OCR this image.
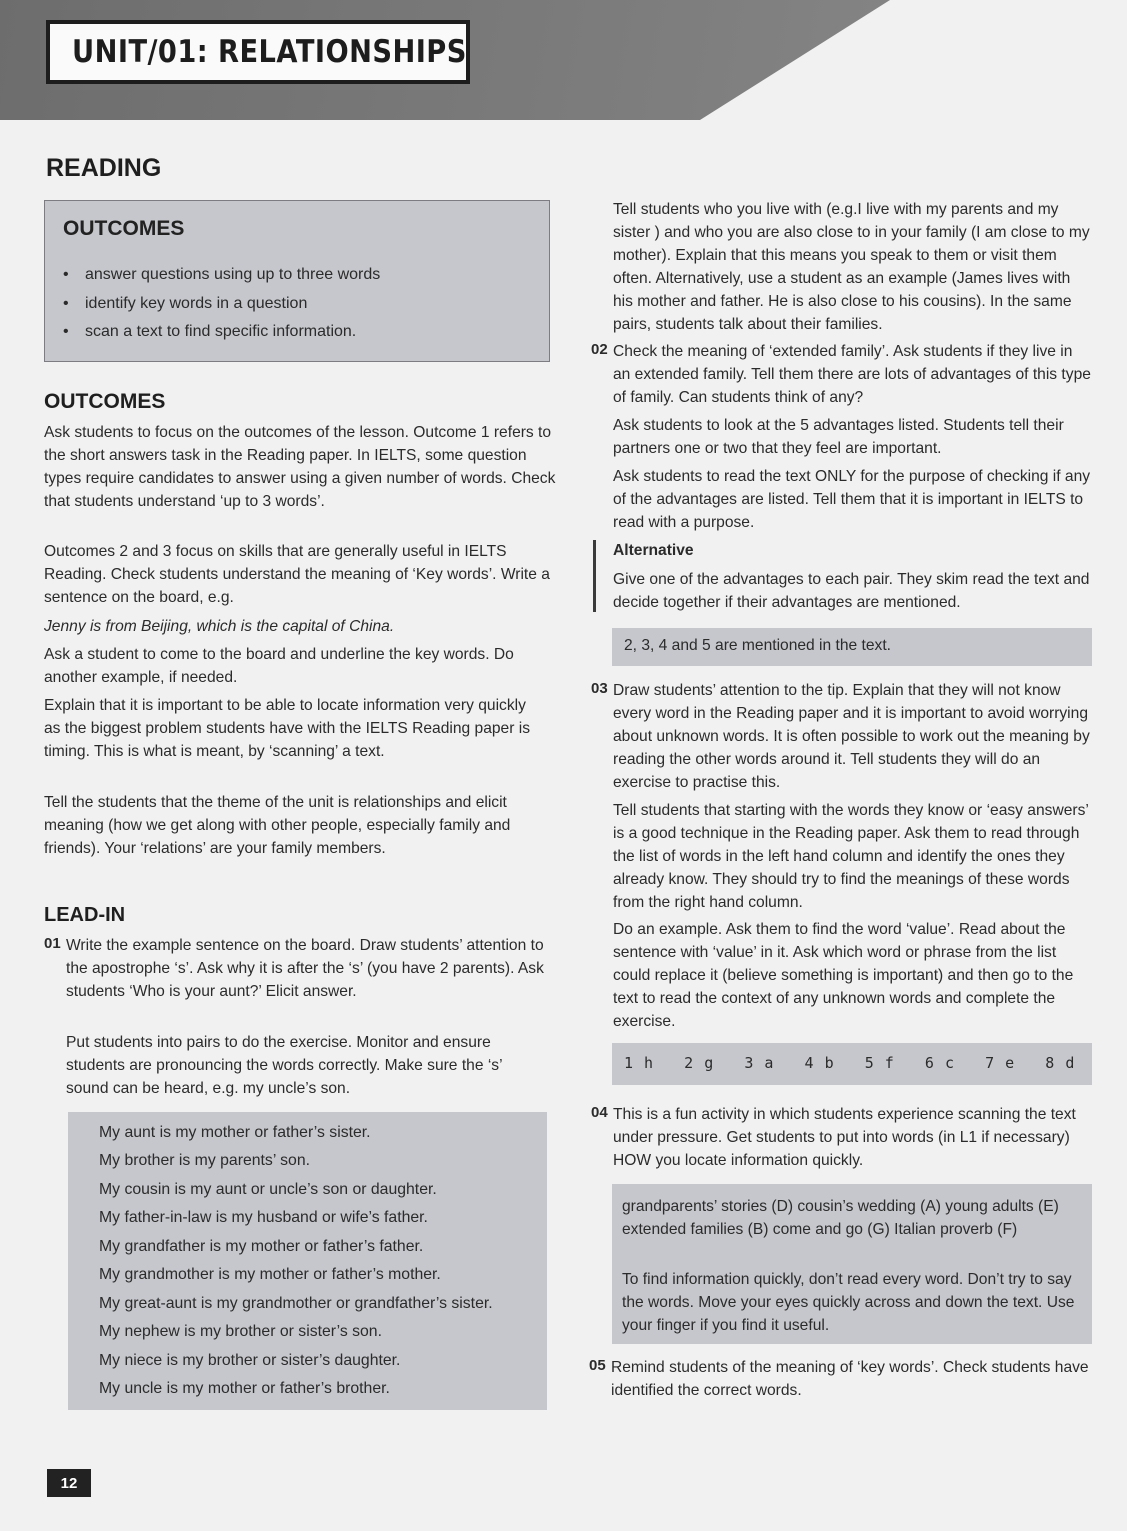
UNIT/01: RELATIONSHIPS
READING
OUTCOMES
• answer questions using up to three words
• identify key words in a question
• scan a text to find specific information.
OUTCOMES

Ask students to focus on the outcomes of the lesson. Outcome 1 refers to the short answers task in the Reading paper. In IELTS, some question types require candidates to answer using a given number of words. Check that students understand ‘up to 3 words’.

Outcomes 2 and 3 focus on skills that are generally useful in IELTS Reading. Check students understand the meaning of ‘Key words’. Write a sentence on the board, e.g.

Jenny is from Beijing, which is the capital of China.

Ask a student to come to the board and underline the key words. Do another example, if needed.

Explain that it is important to be able to locate information very quickly as the biggest problem students have with the IELTS Reading paper is timing. This is what is meant, by ‘scanning’ a text.

Tell the students that the theme of the unit is relationships and elicit meaning (how we get along with other people, especially family and friends). Your ‘relations’ are your family members.

LEAD-IN
01 Write the example sentence on the board. Draw students’ attention to the apostrophe ‘s’. Ask why it is after the ‘s’ (you have 2 parents). Ask students ‘Who is your aunt?’ Elicit answer.

Put students into pairs to do the exercise. Monitor and ensure students are pronouncing the words correctly. Make sure the ‘s’ sound can be heard, e.g. my uncle’s son.

My aunt is my mother or father’s sister.
My brother is my parents’ son.
My cousin is my aunt or uncle’s son or daughter.
My father-in-law is my husband or wife’s father.
My grandfather is my mother or father’s father.
My grandmother is my mother or father’s mother.
My great-aunt is my grandmother or grandfather’s sister.
My nephew is my brother or sister’s son.
My niece is my brother or sister’s daughter.
My uncle is my mother or father’s brother.

Tell students who you live with (e.g.I live with my parents and my sister ) and who you are also close to in your family (I am close to my mother). Explain that this means you speak to them or visit them often. Alternatively, use a student as an example (James lives with his mother and father. He is also close to his cousins). In the same pairs, students talk about their families.

02 Check the meaning of ‘extended family’. Ask students if they live in an extended family. Tell them there are lots of advantages of this type of family. Can students think of any?

Ask students to look at the 5 advantages listed. Students tell their partners one or two that they feel are important.

Ask students to read the text ONLY for the purpose of checking if any of the advantages are listed. Tell them that it is important in IELTS to read with a purpose.

Alternative

Give one of the advantages to each pair. They skim read the text and decide together if their advantages are mentioned.

2, 3, 4 and 5 are mentioned in the text.
03 Draw students’ attention to the tip. Explain that they will not know every word in the Reading paper and it is important to avoid worrying about unknown words. It is often possible to work out the meaning by reading the other words around it. Tell students they will do an exercise to practise this.

Tell students that starting with the words they know or ‘easy answers’ is a good technique in the Reading paper. Ask them to read through the list of words in the left hand column and identify the ones they already know. They should try to find the meanings of these words from the right hand column.

Do an example. Ask them to find the word ‘value’. Read about the sentence with ‘value’ in it. Ask which word or phrase from the list could replace it (believe something is important) and then go to the text to read the context of any unknown words and complete the exercise.

1 h   2 g   3 a   4 b   5 f   6 c   7 e   8 d
04 This is a fun activity in which students experience scanning the text under pressure. Get students to put into words (in L1 if necessary) HOW you locate information quickly.

grandparents’ stories (D) cousin’s wedding (A) young adults (E) extended families (B) come and go (G) Italian proverb (F)

To find information quickly, don’t read every word. Don’t try to say the words. Move your eyes quickly across and down the text. Use your finger if you find it useful.

05 Remind students of the meaning of ‘key words’. Check students have identified the correct words.

12
